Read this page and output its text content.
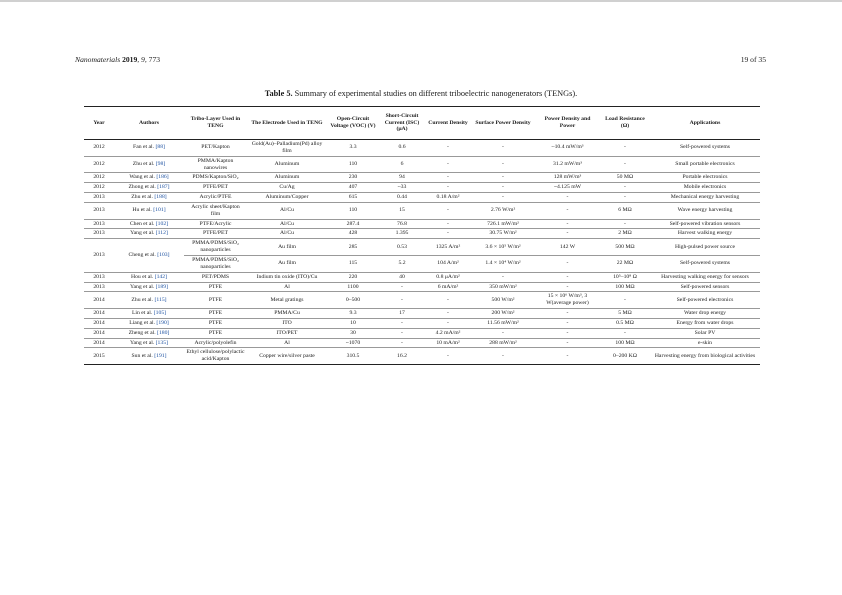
Nanomaterials 2019, 9, 773	19 of 35
Table 5. Summary of experimental studies on different triboelectric nanogenerators (TENGs).
Year	Authors	Tribo-Layer Used in TENG	The Electrode Used in TENG	Open-Circuit Voltage (VOC) (V)	Short-Circuit Current (ISC) (μA)	Current Density	Surface Power Density	Power Density and Power	Load Resistance (Ω)	Applications
2012	Fan et al. [88]	PET/Kapton	Gold(Au)–Palladium(Pd) alloy film	3.3	0.6	-	-	~10.4 mW/m³	-	Self-powered systems
2012	Zhu et al. [98]	PMMA/Kapton nanowires	Aluminum	110	6	-	-	31.2 mW/m³	-	Small portable electronics
2012	Wang et al. [186]	PDMS/Kapton/SiO₂	Aluminum	230	94	-	-	128 mW/m³	50 MΩ	Portable electronics
2012	Zhong et al. [187]	PTFE/PET	Cu/Ag	407	~33	-	-	~4.125 mW	-	Mobile electronics
2013	Zhu et al. [188]	Acrylic/PTFE	Aluminum/Copper	615	0.44	0.18 A/m²	-	-	-	Mechanical energy harvesting
2013	Hu et al. [101]	Acrylic sheet/Kapton film	Al/Cu	110	15	-	2.76 W/m²	-	6 MΩ	Wave energy harvesting
2013	Chen et al. [102]	PTFE/Acrylic	Al/Cu	287.4	76.8	-	726.1 mW/m²	-	-	Self-powered vibration sensors
2013	Yang et al. [112]	PTFE/PET	Al/Cu	428	1.395	-	30.75 W/m²	-	2 MΩ	Harvest walking energy
2013	Cheng et al. [103]	PMMA/PDMS/SiO₂ nanoparticles	Au film	285	0.53	1325 A/m²	3.6 × 10⁵ W/m²	142 W	500 MΩ	High-pulsed power source
		PMMA/PDMS/SiO₂ nanoparticles	Au film	115	5.2	104 A/m²	1.4 × 10⁴ W/m²	-	22 MΩ	Self-powered systems
2013	Hou et al. [142]	PET/PDMS	Indium tin oxide (ITO)/Cu	220	40	0.8 μA/m²	-	-	10⁵–10⁸ Ω	Harvesting walking energy for sensors
2013	Yang et al. [189]	PTFE	Al	1100	-	6 mA/m²	350 mW/m²	-	100 MΩ	Self-powered sensors
2014	Zhu et al. [115]	PTFE	Metal gratings	0–500	-	-	500 W/m²	15 × 10⁶ W/m³, 3 W(average power)	-	Self-powered electronics
2014	Lin et al. [105]	PTFE	PMMA/Cu	9.3	17	-	200 W/m²	-	5 MΩ	Water drop energy
2014	Liang et al. [190]	PTFE	ITO	10	-	-	11.56 mW/m²	-	0.5 MΩ	Energy from water drops
2014	Zheng et al. [180]	PTFE	ITO/PET	30	-	4.2 mA/m²	-	-	-	Solar PV
2014	Yang et al. [135]	Acrylic/polyolefin	Al	~1070	-	10 mA/m²	288 mW/m²	-	100 MΩ	e-skin
2015	Sun et al. [191]	Ethyl cellulose/polylactic acid/Kapton	Copper wire/silver paste	310.5	16.2	-	-	-	0–200 KΩ	Harvesting energy from biological activities
